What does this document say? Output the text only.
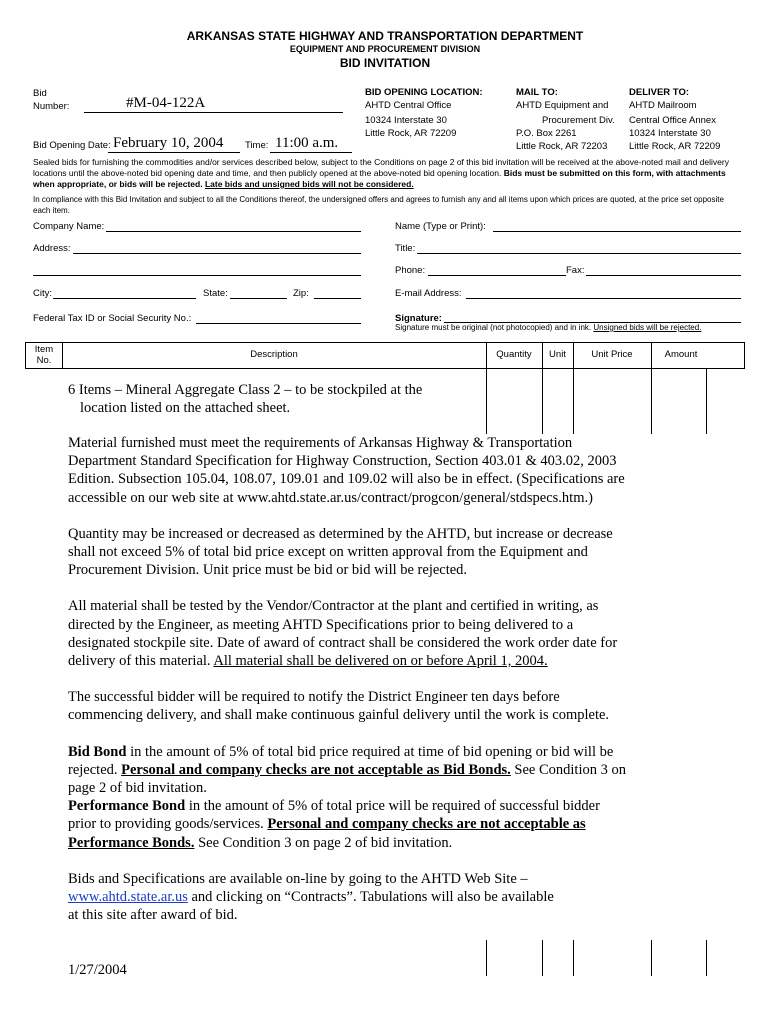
ARKANSAS STATE HIGHWAY AND TRANSPORTATION DEPARTMENT
EQUIPMENT AND PROCUREMENT DIVISION
BID INVITATION
Bid
Number:	#M-04-122A
Bid Opening Date: February 10, 2004 Time: 11:00 a.m.
BID OPENING LOCATION:
AHTD Central Office
10324 Interstate 30
Little Rock, AR 72209
MAIL TO:
AHTD Equipment and
Procurement Div.
P.O. Box 2261
Little Rock, AR 72203
DELIVER TO:
AHTD Mailroom
Central Office Annex
10324 Interstate 30
Little Rock, AR 72209
Sealed bids for furnishing the commodities and/or services described below, subject to the Conditions on page 2 of this bid invitation will be received at the above-noted mail and delivery locations until the above-noted bid opening date and time, and then publicly opened at the above-noted bid opening location. Bids must be submitted on this form, with attachments when appropriate, or bids will be rejected. Late bids and unsigned bids will not be considered.
In compliance with this Bid Invitation and subject to all the Conditions thereof, the undersigned offers and agrees to furnish any and all items upon which prices are quoted, at the price set opposite each item.
Company Name:
Address:
City:	State:	Zip:
Federal Tax ID or Social Security No.:
Name (Type or Print):
Title:
Phone:	Fax:
E-mail Address:
Signature:
Signature must be original (not photocopied) and in ink. Unsigned bids will be rejected.
Item
No.
Description	Quantity	Unit	Unit Price	Amount
6 Items – Mineral Aggregate Class 2 – to be stockpiled at the
location listed on the attached sheet.

Material furnished must meet the requirements of Arkansas Highway & Transportation Department Standard Specification for Highway Construction, Section 403.01 & 403.02, 2003 Edition. Subsection 105.04, 108.07, 109.01 and 109.02 will also be in effect. (Specifications are accessible on our web site at www.ahtd.state.ar.us/contract/progcon/general/stdspecs.htm.)

Quantity may be increased or decreased as determined by the AHTD, but increase or decrease shall not exceed 5% of total bid price except on written approval from the Equipment and Procurement Division. Unit price must be bid or bid will be rejected.

All material shall be tested by the Vendor/Contractor at the plant and certified in writing, as directed by the Engineer, as meeting AHTD Specifications prior to being delivered to a designated stockpile site. Date of award of contract shall be considered the work order date for delivery of this material. All material shall be delivered on or before April 1, 2004.

The successful bidder will be required to notify the District Engineer ten days before commencing delivery, and shall make continuous gainful delivery until the work is complete.

Bid Bond in the amount of 5% of total bid price required at time of bid opening or bid will be rejected. Personal and company checks are not acceptable as Bid Bonds. See Condition 3 on page 2 of bid invitation.

Performance Bond in the amount of 5% of total price will be required of successful bidder prior to providing goods/services. Personal and company checks are not acceptable as Performance Bonds. See Condition 3 on page 2 of bid invitation.

Bids and Specifications are available on-line by going to the AHTD Web Site –
www.ahtd.state.ar.us and clicking on “Contracts”. Tabulations will also be available
at this site after award of bid.

1/27/2004
